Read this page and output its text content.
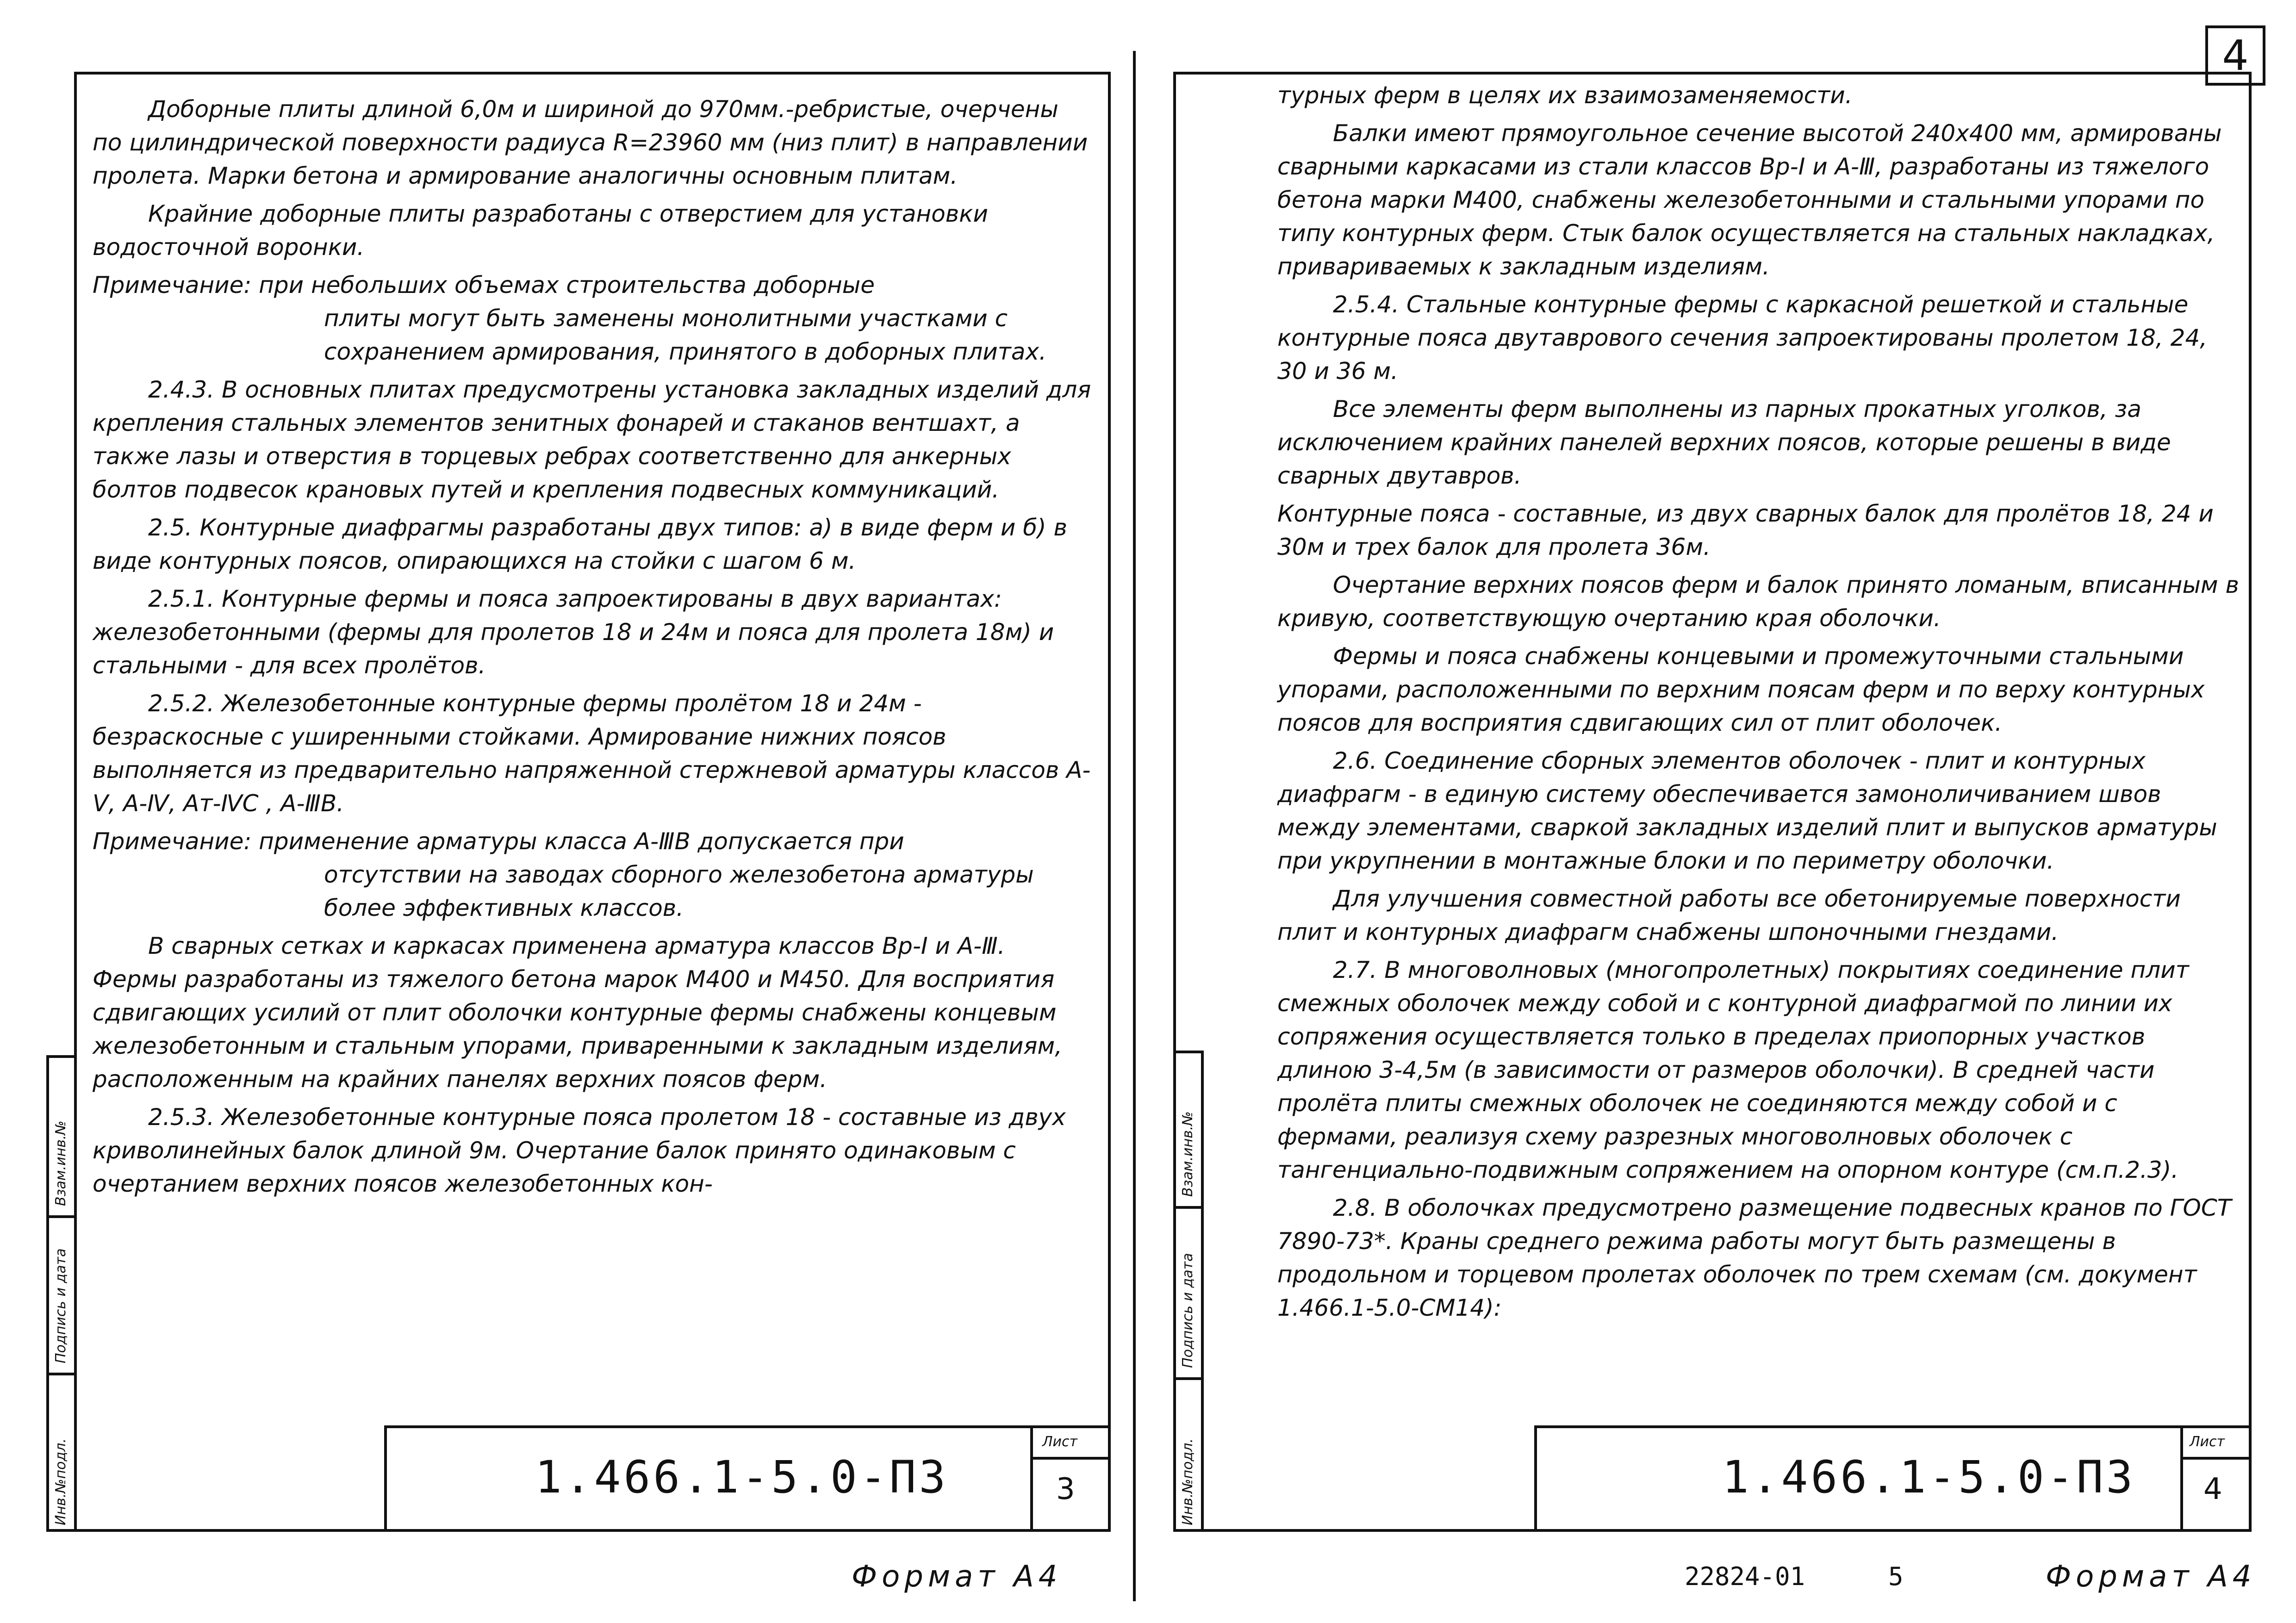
Доборные плиты длиной 6,0м и шириной до 970мм.-ребристые, очерчены по цилиндрической поверхности радиуса R=23960 мм (низ плит) в направлении пролета. Марки бетона и армирование аналогичны основным плитам.

Крайние доборные плиты разработаны с отверстием для установки водосточной воронки.

Примечание: при небольших объемах строительства доборные
плиты могут быть заменены монолитными участками с сохранением армирования, принятого в доборных плитах.

2.4.3. В основных плитах предусмотрены установка закладных изделий для крепления стальных элементов зенитных фонарей и стаканов вентшахт, а также лазы и отверстия в торцевых ребрах соответственно для анкерных болтов подвесок крановых путей и крепления подвесных коммуникаций.

2.5. Контурные диафрагмы разработаны двух типов: а) в виде ферм и б) в виде контурных поясов, опирающихся на стойки с шагом 6 м.

2.5.1. Контурные фермы и пояса запроектированы в двух вариантах: железобетонными (фермы для пролетов 18 и 24м и пояса для пролета 18м) и стальными - для всех пролётов.

2.5.2. Железобетонные контурные фермы пролётом 18 и 24м - безраскосные с уширенными стойками. Армирование нижних поясов выполняется из предварительно напряженной стержневой арматуры классов А-Ⅴ, А-Ⅳ, Ат-ⅣС , А-ⅢВ.

Примечание: применение арматуры класса А-ⅢВ допускается при
отсутствии на заводах сборного железобетона арматуры более эффективных классов.

В сварных сетках и каркасах применена арматура классов Вр-I и А-Ⅲ. Фермы разработаны из тяжелого бетона марок М400 и М450. Для восприятия сдвигающих усилий от плит оболочки контурные фермы снабжены концевым железобетонным и стальным упорами, приваренными к закладным изделиям, расположенным на крайних панелях верхних поясов ферм.

2.5.3. Железобетонные контурные пояса пролетом 18 - составные из двух криволинейных балок длиной 9м. Очертание балок принято одинаковым с очертанием верхних поясов железобетонных кон-

Взам.инв.№
Подпись и дата
Инв.№подл.	1.466.1-5.0-ПЗ
Лист
3
Формат А4
4

турных ферм в целях их взаимозаменяемости.

Балки имеют прямоугольное сечение высотой 240х400 мм, армированы сварными каркасами из стали классов Вр-I и А-Ⅲ, разработаны из тяжелого бетона марки М400, снабжены железобетонными и стальными упорами по типу контурных ферм. Стык балок осуществляется на стальных накладках, привариваемых к закладным изделиям.

2.5.4. Стальные контурные фермы с каркасной решеткой и стальные контурные пояса двутаврового сечения запроектированы пролетом 18, 24, 30 и 36 м.

Все элементы ферм выполнены из парных прокатных уголков, за исключением крайних панелей верхних поясов, которые решены в виде сварных двутавров.

Контурные пояса - составные, из двух сварных балок для пролётов 18, 24 и 30м и трех балок для пролета 36м.

Очертание верхних поясов ферм и балок принято ломаным, вписанным в кривую, соответствующую очертанию края оболочки.

Фермы и пояса снабжены концевыми и промежуточными стальными упорами, расположенными по верхним поясам ферм и по верху контурных поясов для восприятия сдвигающих сил от плит оболочек.

2.6. Соединение сборных элементов оболочек - плит и контурных диафрагм - в единую систему обеспечивается замоноличиванием швов между элементами, сваркой закладных изделий плит и выпусков арматуры при укрупнении в монтажные блоки и по периметру оболочки.

Для улучшения совместной работы все обетонируемые поверхности плит и контурных диафрагм снабжены шпоночными гнездами.

2.7. В многоволновых (многопролетных) покрытиях соединение плит смежных оболочек между собой и с контурной диафрагмой по линии их сопряжения осуществляется только в пределах приопорных участков длиною 3-4,5м (в зависимости от размеров оболочки). В средней части пролёта плиты смежных оболочек не соединяются между собой и с фермами, реализуя схему разрезных многоволновых оболочек с тангенциально-подвижным сопряжением на опорном контуре (см.п.2.3).

2.8. В оболочках предусмотрено размещение подвесных кранов по ГОСТ 7890-73*. Краны среднего режима работы могут быть размещены в продольном и торцевом пролетах оболочек по трем схемам (см. документ 1.466.1-5.0-СМ14):

Взам.инв.№
Подпись и дата
Инв.№подл.	1.466.1-5.0-ПЗ
Лист
4
22824-01	5	Формат А4
